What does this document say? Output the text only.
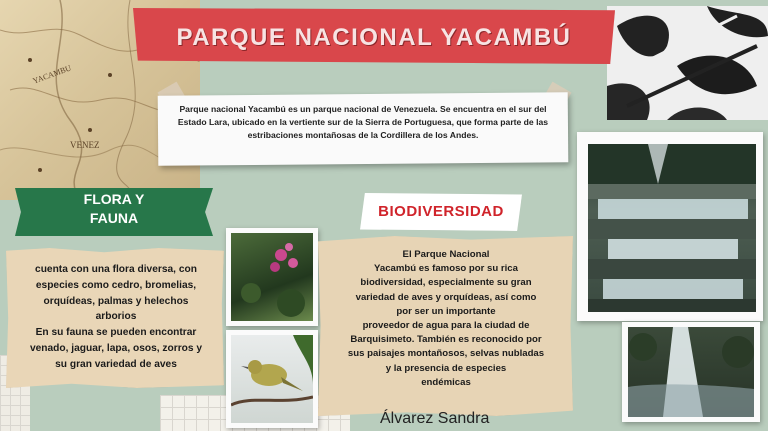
YACAMBU
VENEZ
PARQUE NACIONAL YACAMBÚ
Parque nacional Yacambú es un parque nacional de Venezuela. Se encuentra en el sur del Estado Lara, ubicado en la vertiente sur de la Sierra de Portuguesa, que forma parte de las estribaciones montañosas de la Cordillera de los Andes.
FLORA Y
FAUNA
cuenta con una flora diversa, con
especies como cedro, bromelias,
orquídeas, palmas y helechos
arborios
En su fauna se pueden encontrar
venado, jaguar, lapa, osos, zorros y
su gran variedad de aves
BIODIVERSIDAD
El Parque Nacional
Yacambú es famoso por su rica
biodiversidad, especialmente su gran
variedad de aves y orquídeas, así como
por ser un importante
proveedor de agua para la ciudad de
Barquisimeto. También es reconocido por
sus paisajes montañosos, selvas nubladas
y la presencia de especies
endémicas
Álvarez Sandra
